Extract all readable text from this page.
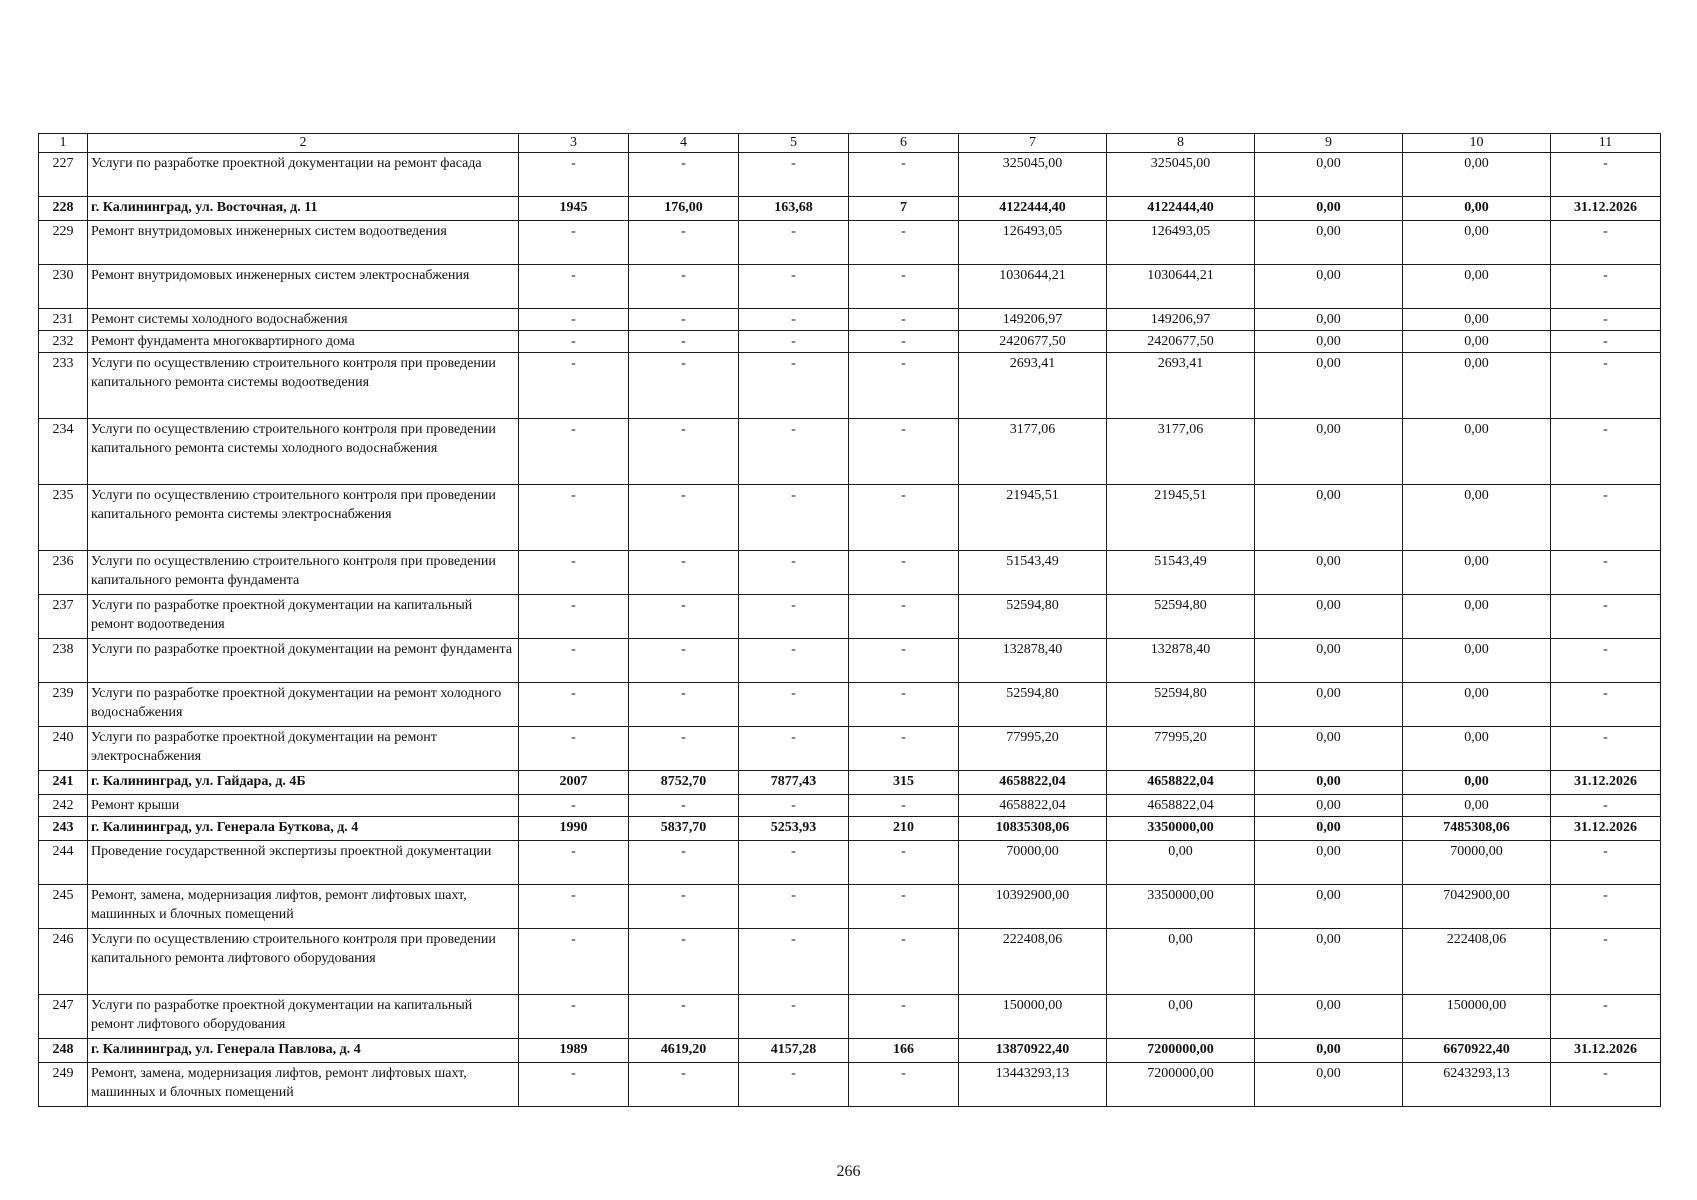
1	2	3	4	5	6	7	8	9	10	11
227	Услуги по разработке проектной документации на ремонт фасада	-	-	-	-	325045,00	325045,00	0,00	0,00	-
228	г. Калининград, ул. Восточная, д. 11	1945	176,00	163,68	7	4122444,40	4122444,40	0,00	0,00	31.12.2026
229	Ремонт внутридомовых инженерных систем водоотведения	-	-	-	-	126493,05	126493,05	0,00	0,00	-
230	Ремонт внутридомовых инженерных систем электроснабжения	-	-	-	-	1030644,21	1030644,21	0,00	0,00	-
231	Ремонт системы холодного водоснабжения	-	-	-	-	149206,97	149206,97	0,00	0,00	-
232	Ремонт фундамента многоквартирного дома	-	-	-	-	2420677,50	2420677,50	0,00	0,00	-
233	Услуги по осуществлению строительного контроля при проведении капитального ремонта системы водоотведения	-	-	-	-	2693,41	2693,41	0,00	0,00	-
234	Услуги по осуществлению строительного контроля при проведении капитального ремонта системы холодного водоснабжения	-	-	-	-	3177,06	3177,06	0,00	0,00	-
235	Услуги по осуществлению строительного контроля при проведении капитального ремонта системы электроснабжения	-	-	-	-	21945,51	21945,51	0,00	0,00	-
236	Услуги по осуществлению строительного контроля при проведении капитального ремонта фундамента	-	-	-	-	51543,49	51543,49	0,00	0,00	-
237	Услуги по разработке проектной документации на капитальный ремонт водоотведения	-	-	-	-	52594,80	52594,80	0,00	0,00	-
238	Услуги по разработке проектной документации на ремонт фундамента	-	-	-	-	132878,40	132878,40	0,00	0,00	-
239	Услуги по разработке проектной документации на ремонт холодного водоснабжения	-	-	-	-	52594,80	52594,80	0,00	0,00	-
240	Услуги по разработке проектной документации на ремонт электроснабжения	-	-	-	-	77995,20	77995,20	0,00	0,00	-
241	г. Калининград, ул. Гайдара, д. 4Б	2007	8752,70	7877,43	315	4658822,04	4658822,04	0,00	0,00	31.12.2026
242	Ремонт крыши	-	-	-	-	4658822,04	4658822,04	0,00	0,00	-
243	г. Калининград, ул. Генерала Буткова, д. 4	1990	5837,70	5253,93	210	10835308,06	3350000,00	0,00	7485308,06	31.12.2026
244	Проведение государственной экспертизы проектной документации	-	-	-	-	70000,00	0,00	0,00	70000,00	-
245	Ремонт, замена, модернизация лифтов, ремонт лифтовых шахт, машинных и блочных помещений	-	-	-	-	10392900,00	3350000,00	0,00	7042900,00	-
246	Услуги по осуществлению строительного контроля при проведении капитального ремонта лифтового оборудования	-	-	-	-	222408,06	0,00	0,00	222408,06	-
247	Услуги по разработке проектной документации на капитальный ремонт лифтового оборудования	-	-	-	-	150000,00	0,00	0,00	150000,00	-
248	г. Калининград, ул. Генерала Павлова, д. 4	1989	4619,20	4157,28	166	13870922,40	7200000,00	0,00	6670922,40	31.12.2026
249	Ремонт, замена, модернизация лифтов, ремонт лифтовых шахт, машинных и блочных помещений	-	-	-	-	13443293,13	7200000,00	0,00	6243293,13	-
266
